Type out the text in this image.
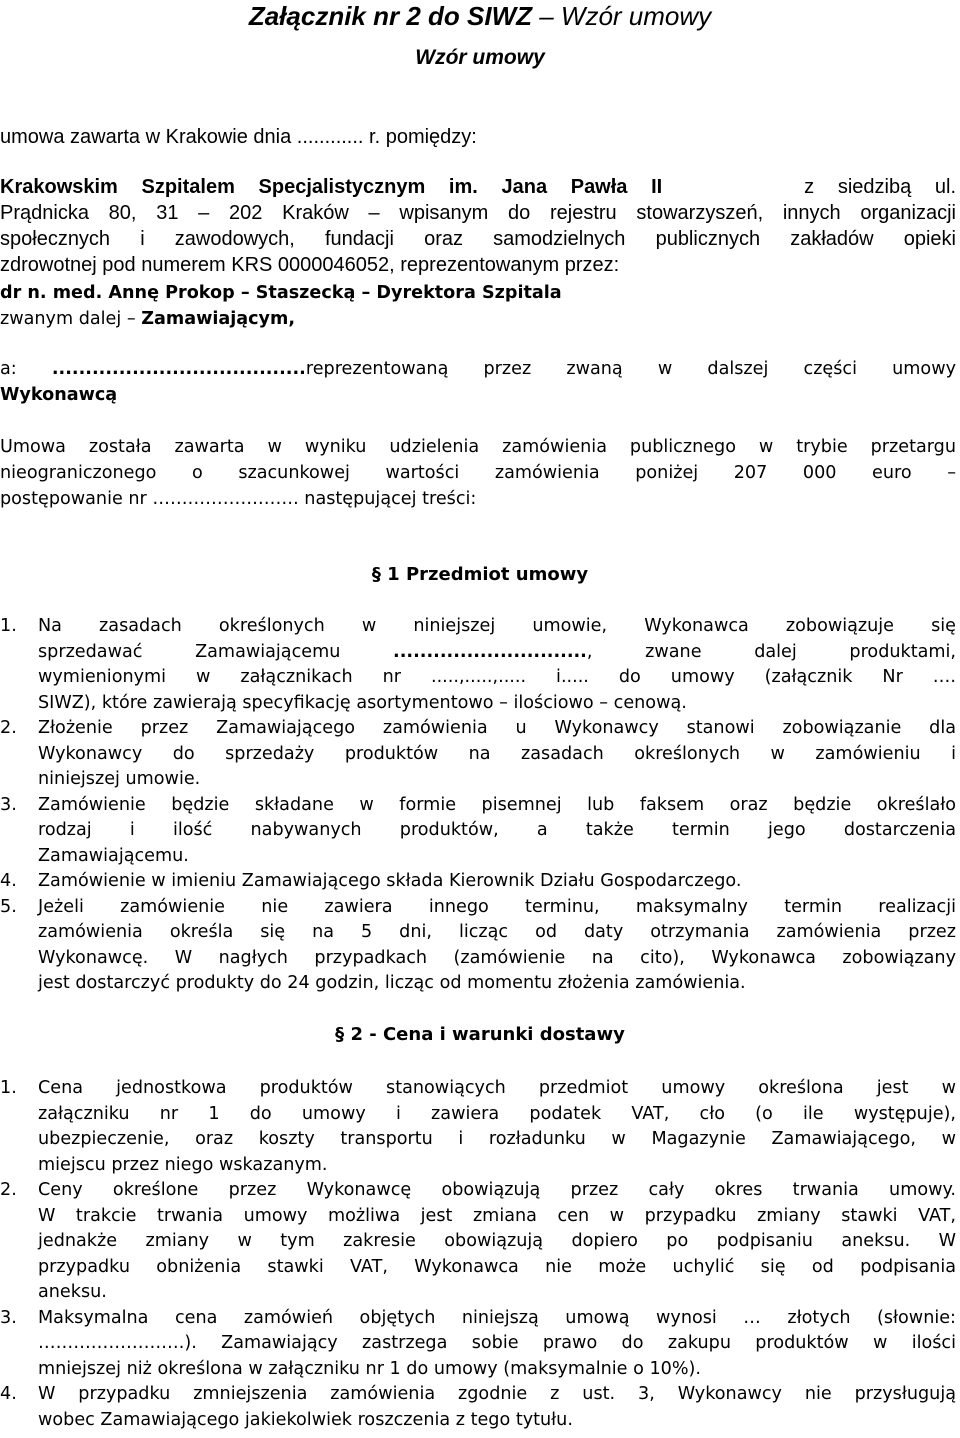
Załącznik nr 2 do SIWZ – Wzór umowy
Wzór umowy

umowa zawarta w Krakowie dnia ............ r. pomiędzy:

Krakowskim Szpitalem Specjalistycznym im. Jana Pawła II	z siedzibą ul.
Prądnicka 80, 31 – 202 Kraków – wpisanym do rejestru stowarzyszeń, innych organizacji
społecznych i zawodowych, fundacji oraz samodzielnych publicznych zakładów opieki
zdrowotnej pod numerem KRS 0000046052, reprezentowanym przez:
dr n. med. Annę Prokop – Staszecką – Dyrektora Szpitala
zwanym dalej – Zamawiającym,
a: ......................................reprezentowaną przez zwaną w dalszej części umowy
Wykonawcą
Umowa została zawarta w wyniku udzielenia zamówienia publicznego w trybie przetargu
nieograniczonego o szacunkowej wartości zamówienia poniżej 207 000 euro –
postępowanie nr ……………………. następującej treści:
§ 1 Przedmiot umowy
1. Na zasadach określonych w niniejszej umowie, Wykonawca zobowiązuje się
sprzedawać Zamawiającemu ............................., zwane dalej produktami,
wymienionymi w załącznikach nr .....,.....,..... i..... do umowy (załącznik Nr ….
SIWZ), które zawierają specyfikację asortymentowo – ilościowo – cenową.
2. Złożenie przez Zamawiającego zamówienia u Wykonawcy stanowi zobowiązanie dla
Wykonawcy do sprzedaży produktów na zasadach określonych w zamówieniu i
niniejszej umowie.
3. Zamówienie będzie składane w formie pisemnej lub faksem oraz będzie określało
rodzaj i ilość nabywanych produktów, a także termin jego dostarczenia
Zamawiającemu.
4. Zamówienie w imieniu Zamawiającego składa Kierownik Działu Gospodarczego.
5. Jeżeli zamówienie nie zawiera innego terminu, maksymalny termin realizacji
zamówienia określa się na 5 dni, licząc od daty otrzymania zamówienia przez
Wykonawcę. W nagłych przypadkach (zamówienie na cito), Wykonawca zobowiązany
jest dostarczyć produkty do 24 godzin, licząc od momentu złożenia zamówienia.
§ 2 - Cena i warunki dostawy
1. Cena jednostkowa produktów stanowiących przedmiot umowy określona jest w
załączniku nr 1 do umowy i zawiera podatek VAT, cło (o ile występuje),
ubezpieczenie, oraz koszty transportu i rozładunku w Magazynie Zamawiającego, w
miejscu przez niego wskazanym.
2. Ceny określone przez Wykonawcę obowiązują przez cały okres trwania umowy.
W trakcie trwania umowy możliwa jest zmiana cen w przypadku zmiany stawki VAT,
jednakże zmiany w tym zakresie obowiązują dopiero po podpisaniu aneksu. W
przypadku obniżenia stawki VAT, Wykonawca nie może uchylić się od podpisania
aneksu.
3. Maksymalna cena zamówień objętych niniejszą umową wynosi … złotych (słownie:
…………………….). Zamawiający zastrzega sobie prawo do zakupu produktów w ilości
mniejszej niż określona w załączniku nr 1 do umowy (maksymalnie o 10%).
4. W przypadku zmniejszenia zamówienia zgodnie z ust. 3, Wykonawcy nie przysługują
wobec Zamawiającego jakiekolwiek roszczenia z tego tytułu.
